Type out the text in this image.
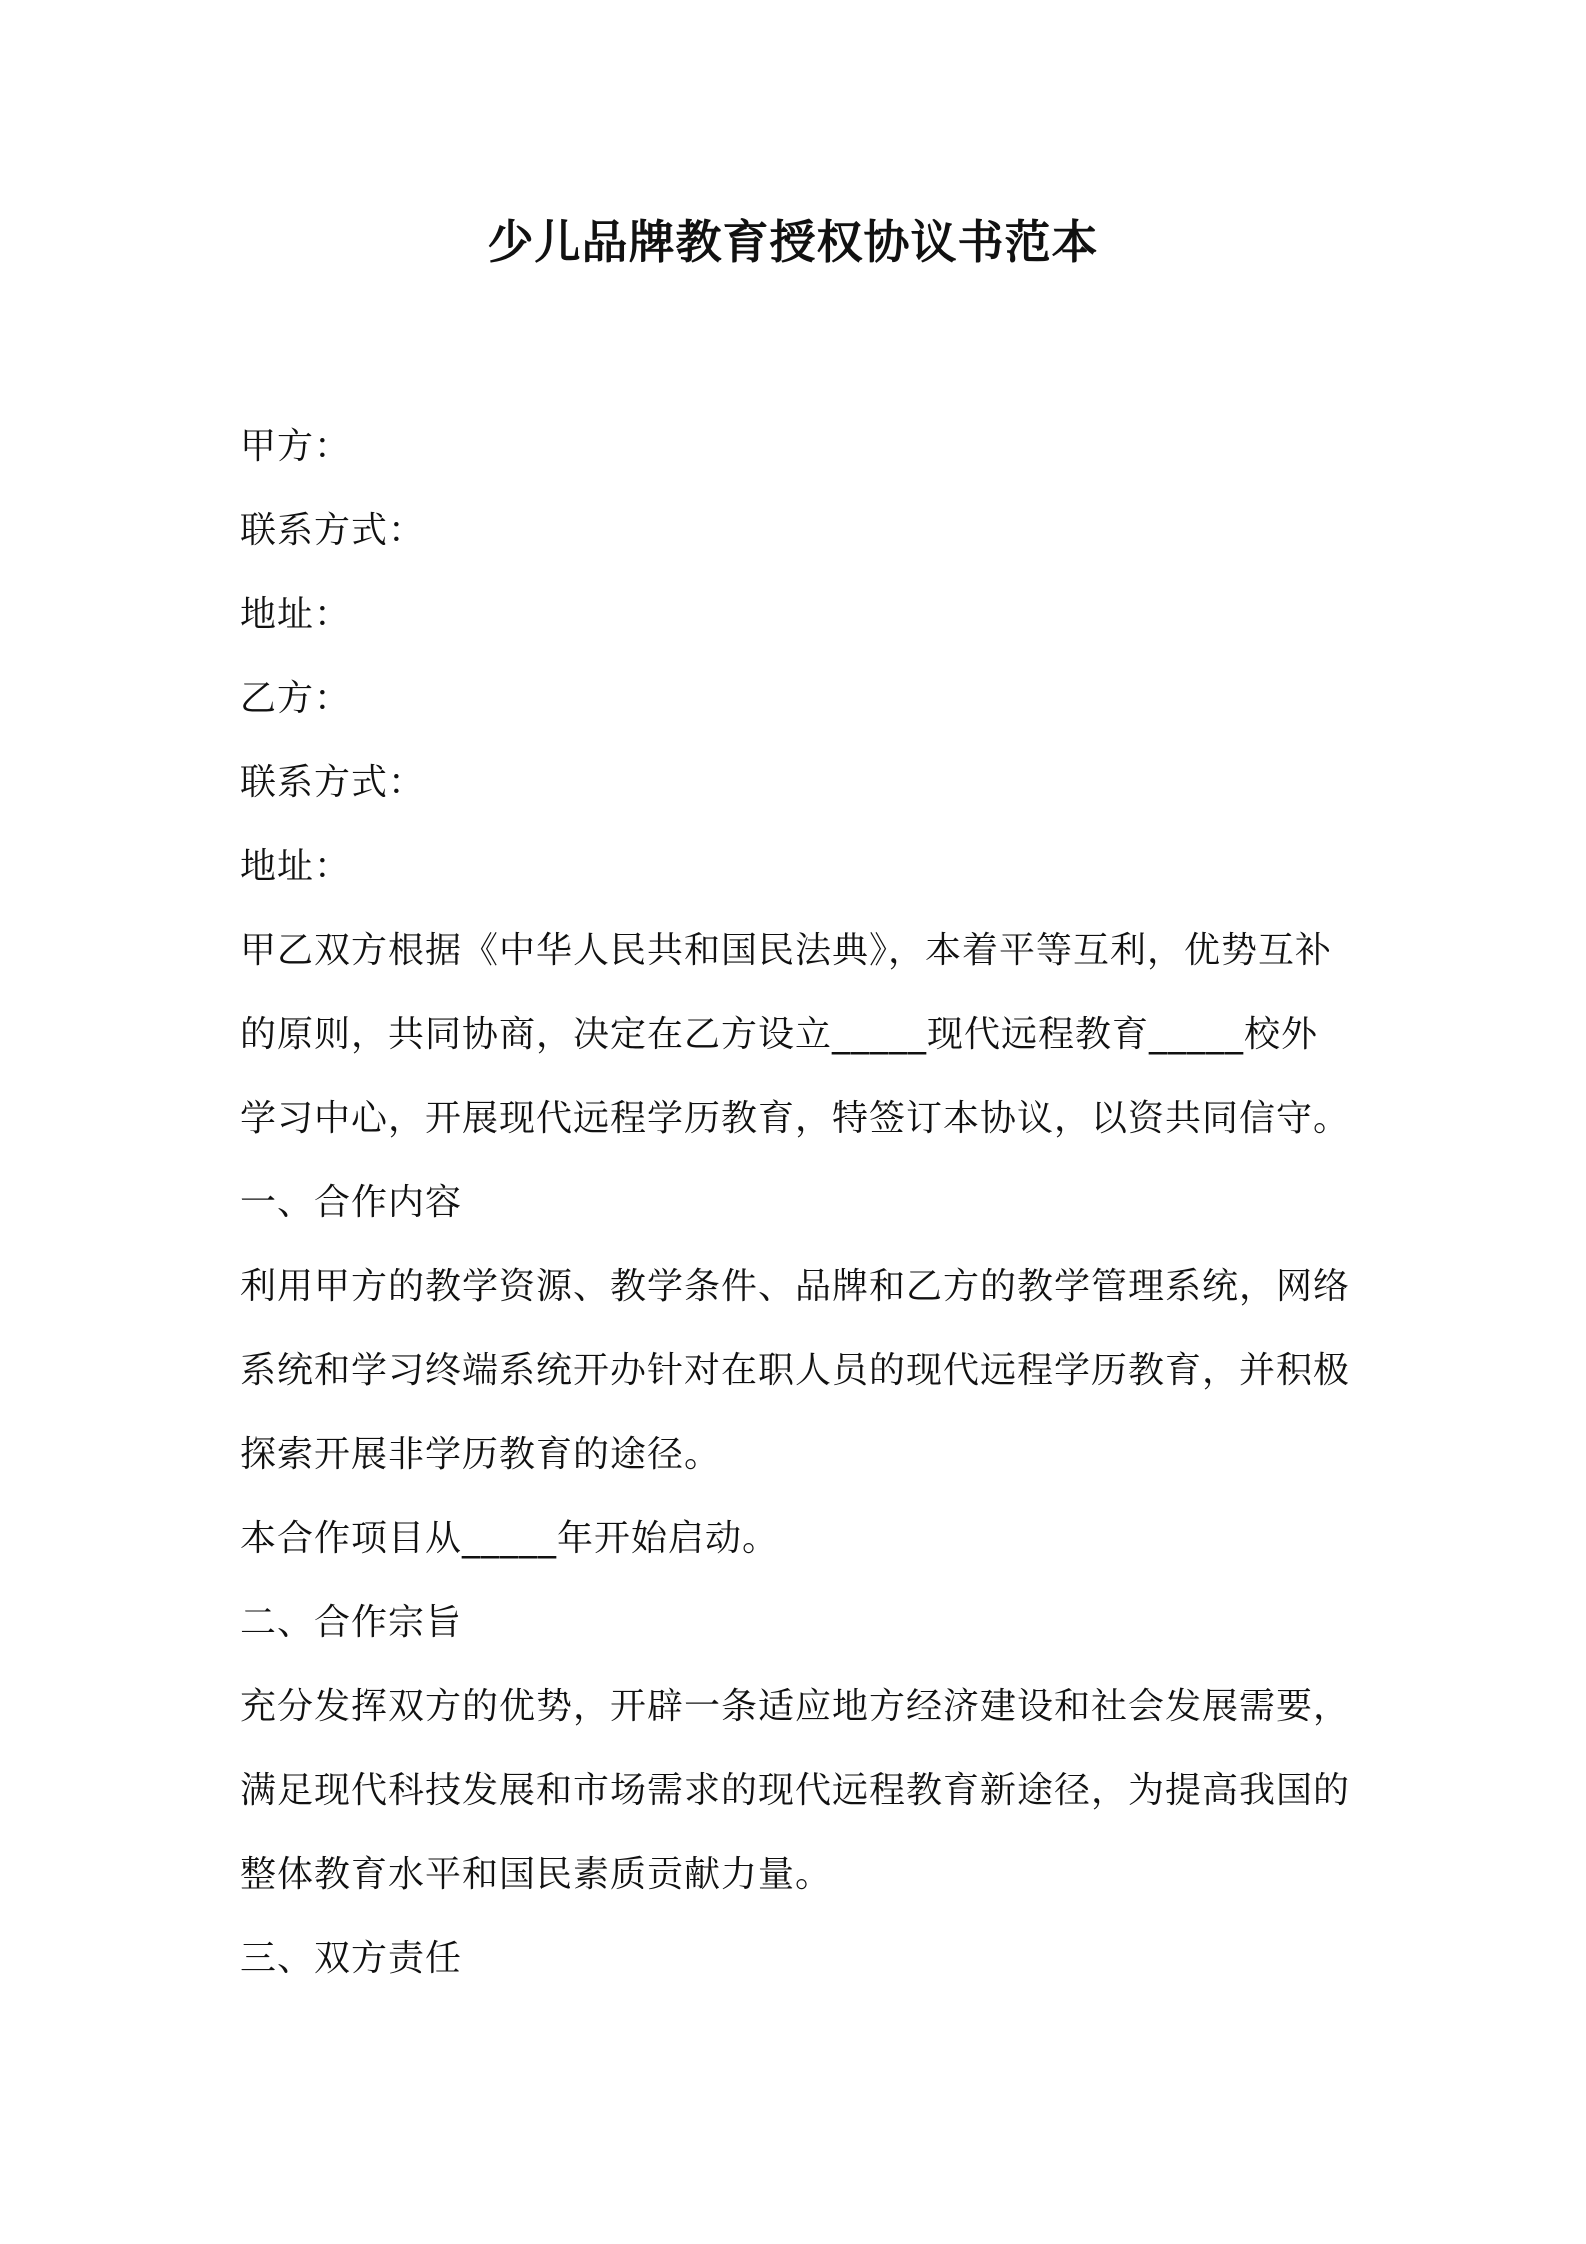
少儿品牌教育授权协议书范本
甲方：
联系方式：
地址：
乙方：
联系方式：
地址：
甲乙双方根据《中华人民共和国民法典》，本着平等互利，优势互补
的原则，共同协商，决定在乙方设立_____现代远程教育_____校外
学习中心，开展现代远程学历教育，特签订本协议，以资共同信守。
一、合作内容
利用甲方的教学资源、教学条件、品牌和乙方的教学管理系统，网络
系统和学习终端系统开办针对在职人员的现代远程学历教育，并积极
探索开展非学历教育的途径。
本合作项目从_____年开始启动。
二、合作宗旨
充分发挥双方的优势，开辟一条适应地方经济建设和社会发展需要，
满足现代科技发展和市场需求的现代远程教育新途径，为提高我国的
整体教育水平和国民素质贡献力量。
三、双方责任
